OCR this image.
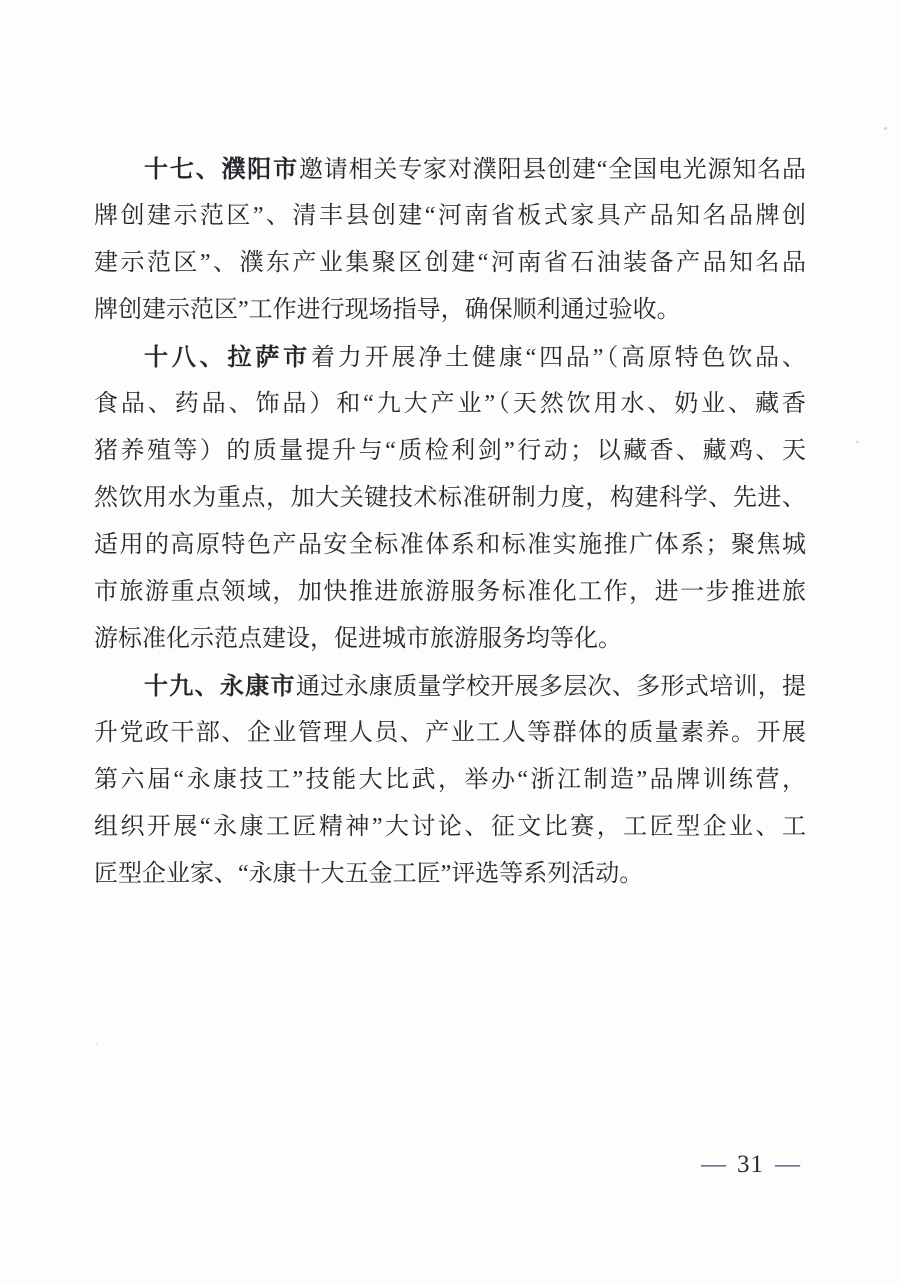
十七、濮阳市邀请相关专家对濮阳县创建“全国电光源知名品
牌创建示范区”、清丰县创建“河南省板式家具产品知名品牌创
建示范区”、濮东产业集聚区创建“河南省石油装备产品知名品
牌创建示范区”工作进行现场指导，确保顺利通过验收。

十八、拉萨市着力开展净土健康“四品”（高原特色饮品、
食品、药品、饰品）和“九大产业”（天然饮用水、奶业、藏香
猪养殖等）的质量提升与“质检利剑”行动；以藏香、藏鸡、天
然饮用水为重点，加大关键技术标准研制力度，构建科学、先进、
适用的高原特色产品安全标准体系和标准实施推广体系；聚焦城
市旅游重点领域，加快推进旅游服务标准化工作，进一步推进旅
游标准化示范点建设，促进城市旅游服务均等化。

十九、永康市通过永康质量学校开展多层次、多形式培训，提
升党政干部、企业管理人员、产业工人等群体的质量素养。开展
第六届“永康技工”技能大比武，举办“浙江制造”品牌训练营，
组织开展“永康工匠精神”大讨论、征文比赛，工匠型企业、工
匠型企业家、“永康十大五金工匠”评选等系列活动。

— 31 —
